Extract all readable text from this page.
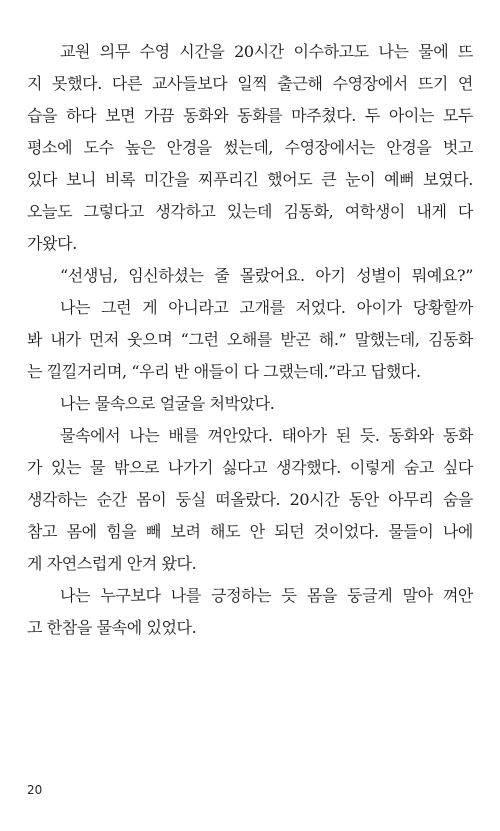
교원 의무 수영 시간을 20시간 이수하고도 나는 물에 뜨
지 못했다. 다른 교사들보다 일찍 출근해 수영장에서 뜨기 연
습을 하다 보면 가끔 동화와 동화를 마주쳤다. 두 아이는 모두
평소에 도수 높은 안경을 썼는데, 수영장에서는 안경을 벗고
있다 보니 비록 미간을 찌푸리긴 했어도 큰 눈이 예뻐 보였다.
오늘도 그렇다고 생각하고 있는데 김동화, 여학생이 내게 다
가왔다.
“선생님, 임신하셨는 줄 몰랐어요. 아기 성별이 뭐예요?”
나는 그런 게 아니라고 고개를 저었다. 아이가 당황할까
봐 내가 먼저 웃으며 “그런 오해를 받곤 해.” 말했는데, 김동화
는 낄낄거리며, “우리 반 애들이 다 그랬는데.”라고 답했다.
나는 물속으로 얼굴을 처박았다.
물속에서 나는 배를 껴안았다. 태아가 된 듯. 동화와 동화
가 있는 물 밖으로 나가기 싫다고 생각했다. 이렇게 숨고 싶다
생각하는 순간 몸이 둥실 떠올랐다. 20시간 동안 아무리 숨을
참고 몸에 힘을 빼 보려 해도 안 되던 것이었다. 물들이 나에
게 자연스럽게 안겨 왔다.
나는 누구보다 나를 긍정하는 듯 몸을 둥글게 말아 껴안
고 한참을 물속에 있었다.
20
